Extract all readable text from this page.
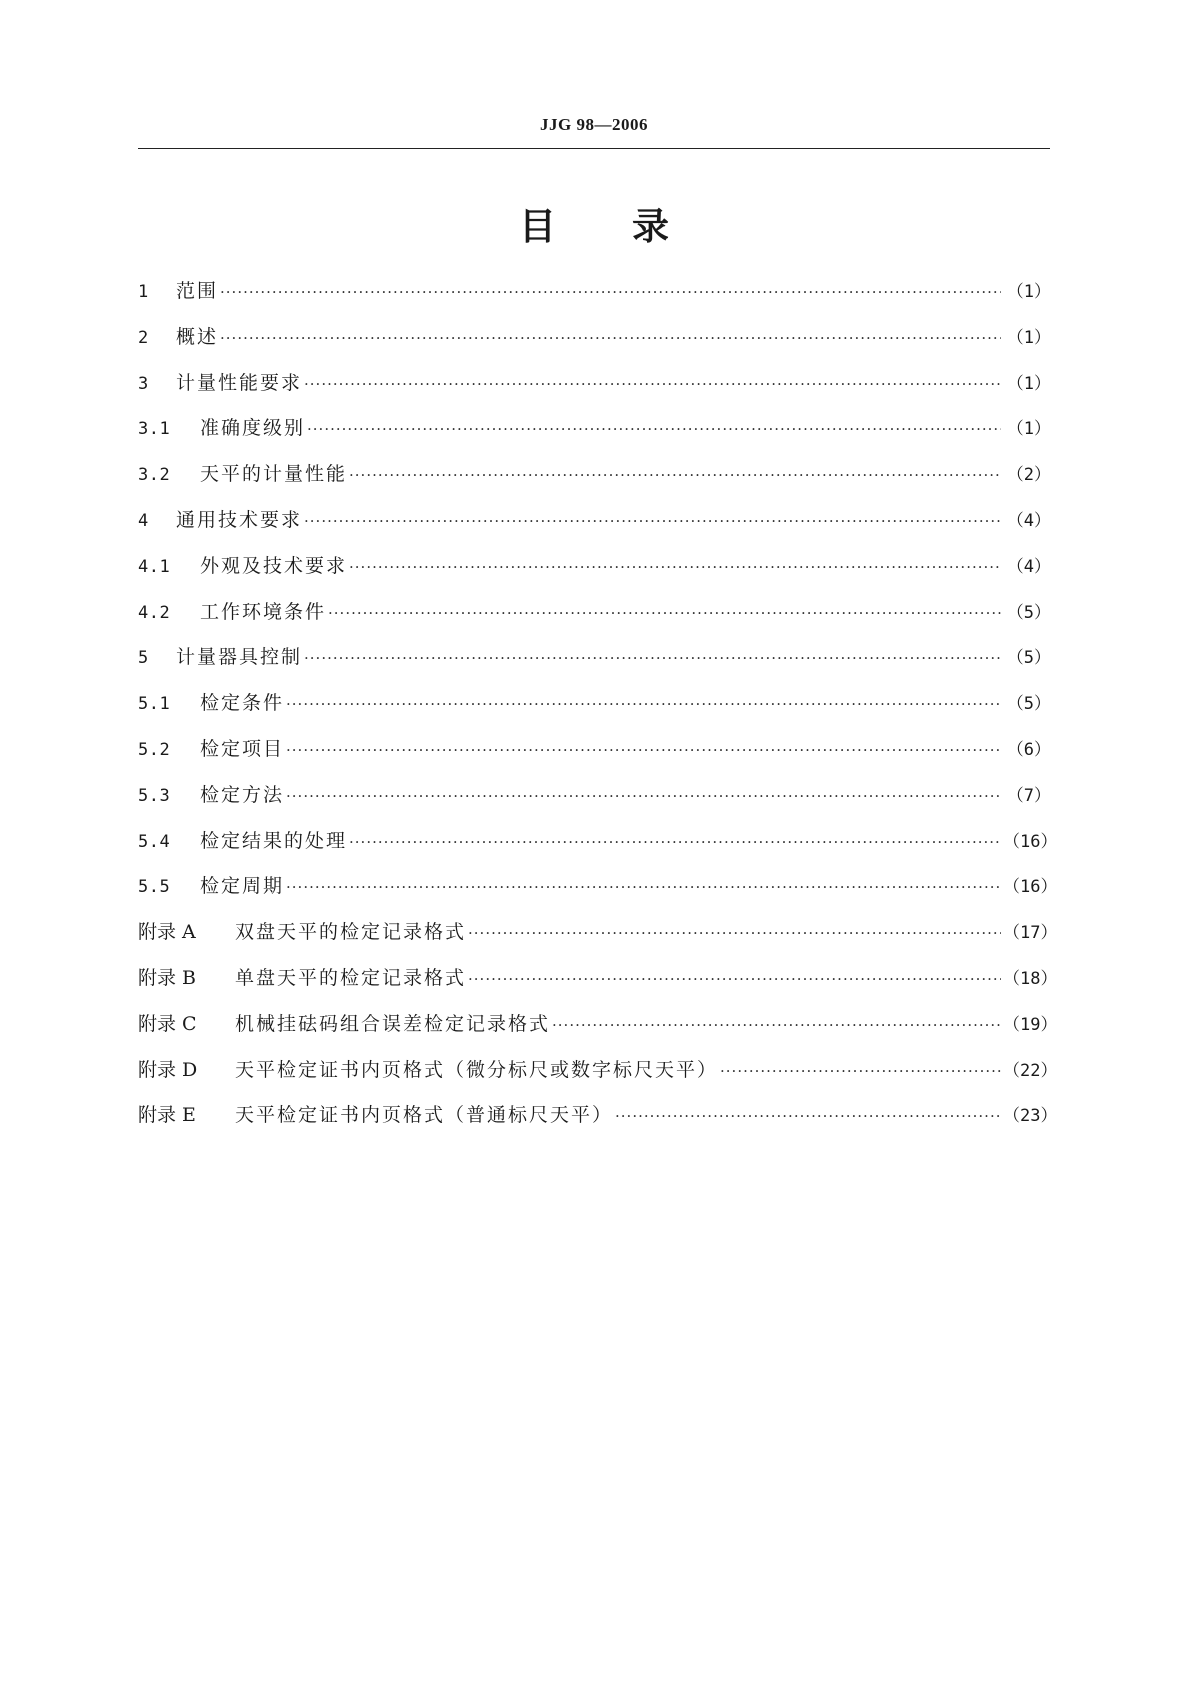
JJG 98—2006
目录
1	范围 ·····	（1）
2	概述 ·····	（1）
3	计量性能要求 ·····	（1）
3.1	准确度级别 ·····	（1）
3.2	天平的计量性能 ·····	（2）
4	通用技术要求 ·····	（4）
4.1	外观及技术要求 ·····	（4）
4.2	工作环境条件 ·····	（5）
5	计量器具控制 ·····	（5）
5.1	检定条件 ·····	（5）
5.2	检定项目 ·····	（6）
5.3	检定方法 ·····	（7）
5.4	检定结果的处理 ·····	（16）
5.5	检定周期 ·····	（16）
附录 A	双盘天平的检定记录格式 ·····	（17）
附录 B	单盘天平的检定记录格式 ·····	（18）
附录 C	机械挂砝码组合误差检定记录格式 ·····	（19）
附录 D	天平检定证书内页格式（微分标尺或数字标尺天平） ·····	（22）
附录 E	天平检定证书内页格式（普通标尺天平） ·····	（23）
